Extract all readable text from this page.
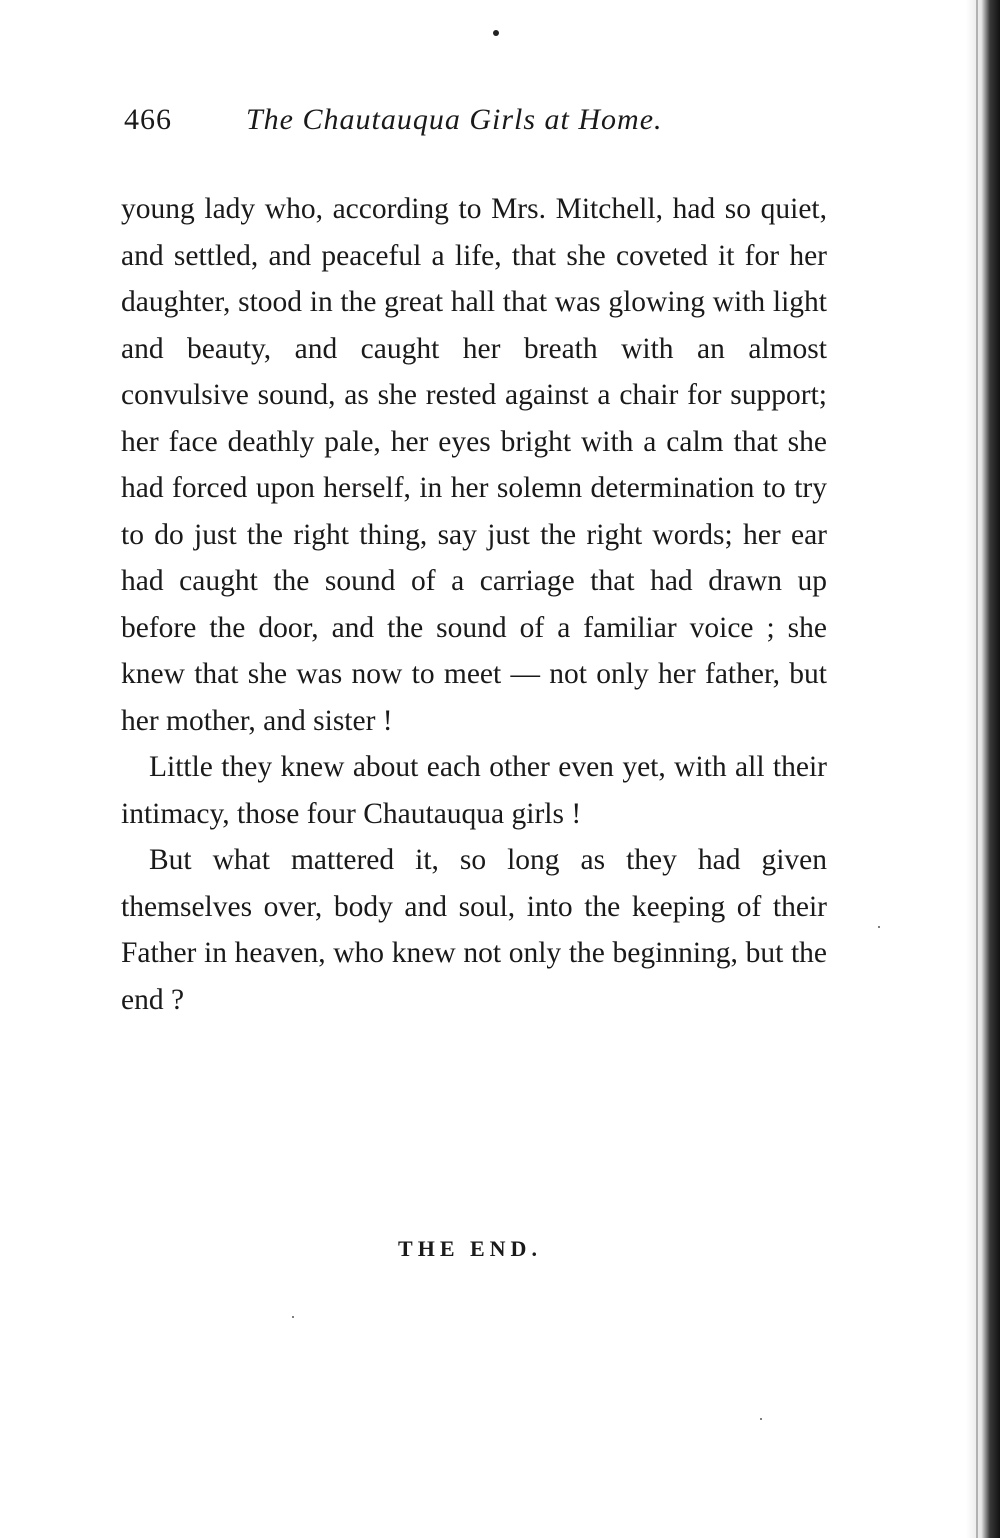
466 The Chautauqua Girls at Home.

young lady who, according to Mrs. Mitchell, had so quiet, and settled, and peaceful a life, that she coveted it for her daughter, stood in the great hall that was glowing with light and beauty, and caught her breath with an almost convulsive sound, as she rested against a chair for support; her face deathly pale, her eyes bright with a calm that she had forced upon herself, in her solemn determination to try to do just the right thing, say just the right words; her ear had caught the sound of a carriage that had drawn up before the door, and the sound of a familiar voice ; she knew that she was now to meet — not only her father, but her mother, and sister !

Little they knew about each other even yet, with all their intimacy, those four Chautauqua girls !

But what mattered it, so long as they had given themselves over, body and soul, into the keeping of their Father in heaven, who knew not only the beginning, but the end ?

THE END.
